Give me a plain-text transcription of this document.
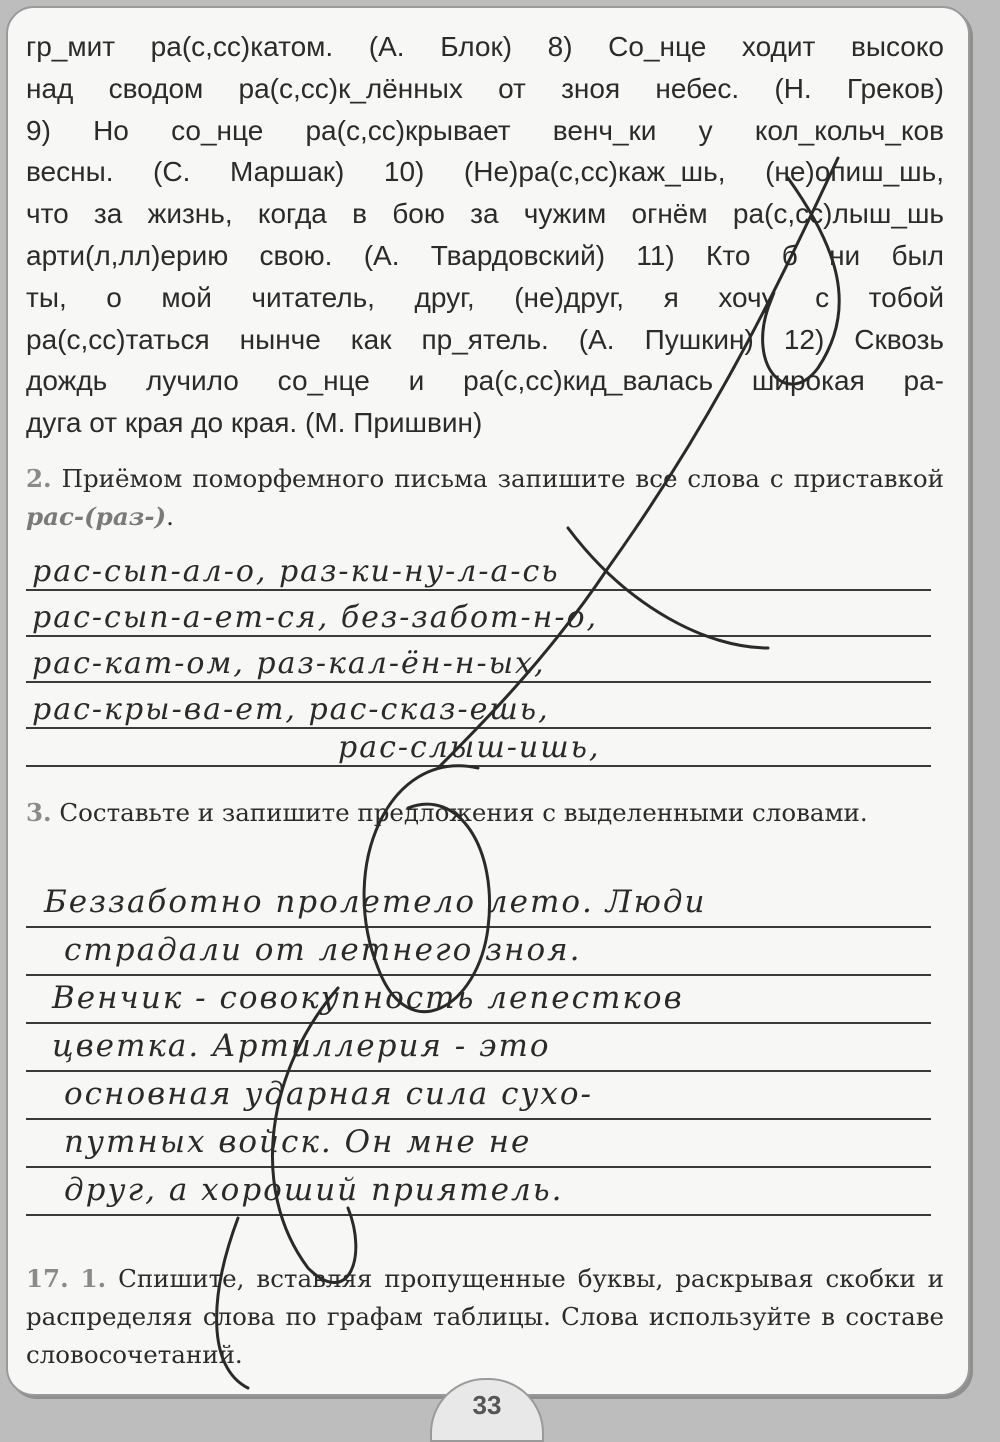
гр_мит ра(с,сс)катом. (А. Блок) 8) Со_нце ходит высоко
над сводом ра(с,сс)к_лённых от зноя небес. (Н. Греков)
9) Но со_нце ра(с,сс)крывает венч_ки у кол_кольч_ков
весны. (С. Маршак) 10) (Не)ра(с,сс)каж_шь, (не)опиш_шь,
что за жизнь, когда в бою за чужим огнём ра(с,сс)лыш_шь
арти(л,лл)ерию свою. (А. Твардовский) 11) Кто б ни был
ты, о мой читатель, друг, (не)друг, я хочу с тобой
ра(с,сс)таться нынче как пр_ятель. (А. Пушкин) 12) Сквозь
дождь лучило со_нце и ра(с,сс)кид_валась широкая ра-
дуга от края до края. (М. Пришвин)
2. Приёмом поморфемного письма запишите все слова с приставкой рас-(раз-).
рас-сып-ал-о, раз-ки-ну-л-а-сь
рас-сып-а-ет-ся, без-забот-н-о,
рас-кат-ом, раз-кал-ён-н-ых,
рас-кры-ва-ет, рас-сказ-ешь,
рас-слыш-ишь,
3. Составьте и запишите предложения с выделенными словами.
Беззаботно пролетело лето. Люди
страдали от летнего зноя.
Венчик - совокупность лепестков
цветка. Артиллерия - это
основная ударная сила сухо-
путных войск. Он мне не
друг, а хороший приятель.
17. 1. Спишите, вставляя пропущенные буквы, раскрывая скобки и распределяя слова по графам таблицы. Слова используйте в составе словосочетаний.
33
